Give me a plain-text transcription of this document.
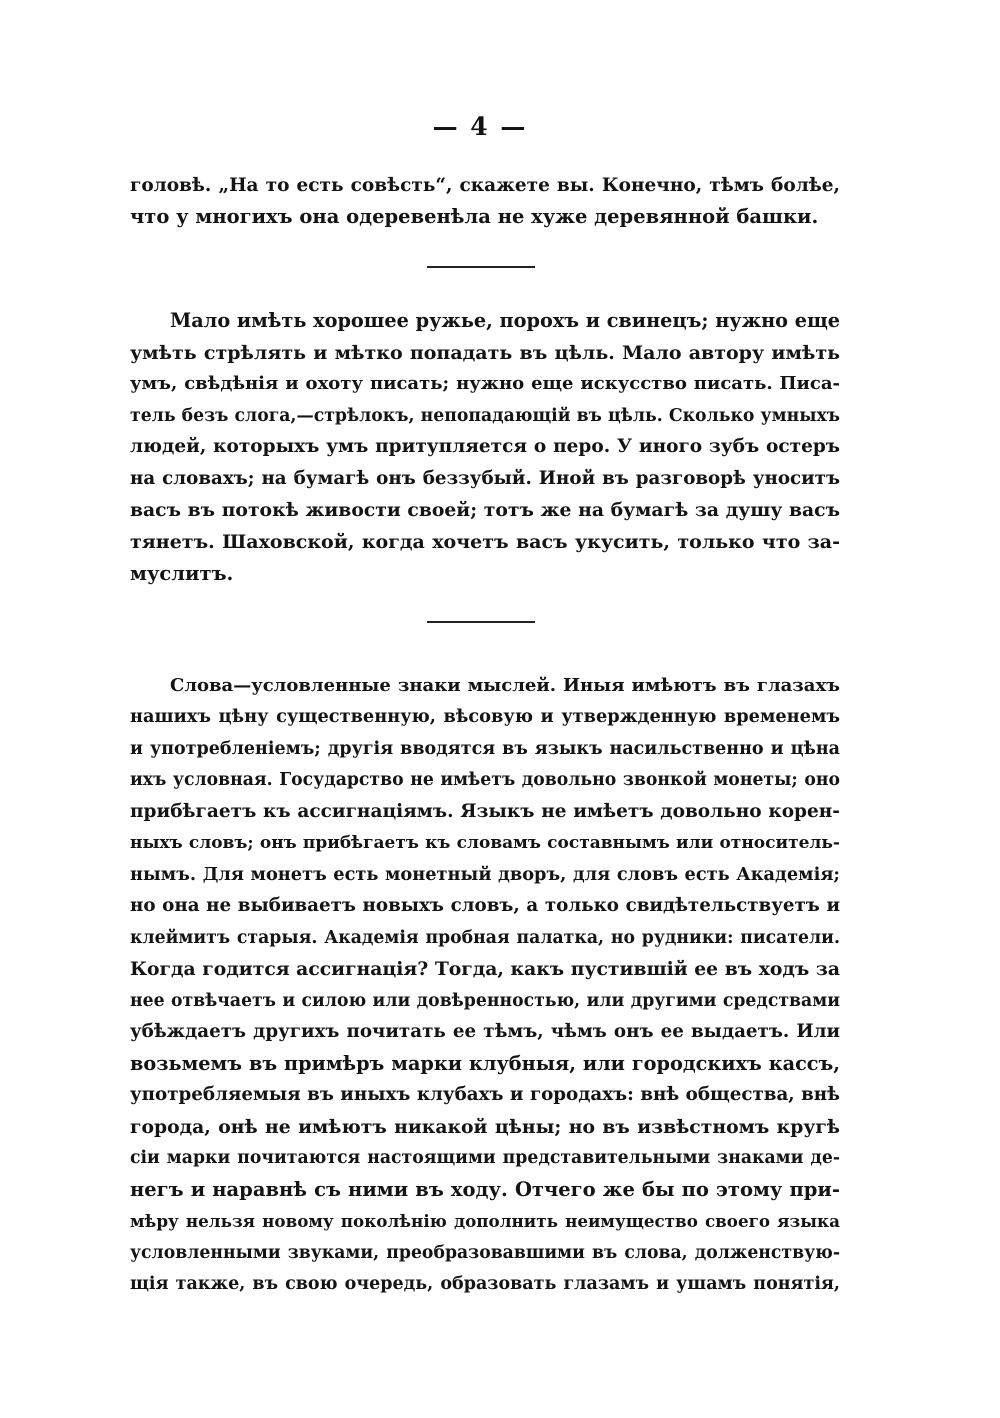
— 4 —
головѣ. „На то есть совѣсть“, скажете вы. Конечно, тѣмъ болѣе,
что у многихъ она одеревенѣла не хуже деревянной башки.
Мало имѣть хорошее ружье, порохъ и свинецъ; нужно еще
умѣть стрѣлять и мѣтко попадать въ цѣль. Мало автору имѣть
умъ, свѣдѣнія и охоту писать; нужно еще искусство писать. Писа-
тель безъ слога,—стрѣлокъ, непопадающій въ цѣль. Сколько умныхъ
людей, которыхъ умъ притупляется о перо. У иного зубъ остеръ
на словахъ; на бумагѣ онъ беззубый. Иной въ разговорѣ уноситъ
васъ въ потокѣ живости своей; тотъ же на бумагѣ за душу васъ
тянетъ. Шаховской, когда хочетъ васъ укусить, только что за-
муслитъ.
Слова—условленные знаки мыслей. Иныя имѣютъ въ глазахъ
нашихъ цѣну существенную, вѣсовую и утвержденную временемъ
и употребленіемъ; другія вводятся въ языкъ насильственно и цѣна
ихъ условная. Государство не имѣетъ довольно звонкой монеты; оно
прибѣгаетъ къ ассигнаціямъ. Языкъ не имѣетъ довольно корен-
ныхъ словъ; онъ прибѣгаетъ къ словамъ составнымъ или относитель-
нымъ. Для монетъ есть монетный дворъ, для словъ есть Академія;
но она не выбиваетъ новыхъ словъ, а только свидѣтельствуетъ и
клеймитъ старыя. Академія пробная палатка, но рудники: писатели.
Когда годится ассигнація? Тогда, какъ пустившій ее въ ходъ за
нее отвѣчаетъ и силою или довѣренностью, или другими средствами
убѣждаетъ другихъ почитать ее тѣмъ, чѣмъ онъ ее выдаетъ. Или
возьмемъ въ примѣръ марки клубныя, или городскихъ кассъ,
употребляемыя въ иныхъ клубахъ и городахъ: внѣ общества, внѣ
города, онѣ не имѣютъ никакой цѣны; но въ извѣстномъ кругѣ
сіи марки почитаются настоящими представительными знаками де-
негъ и наравнѣ съ ними въ ходу. Отчего же бы по этому при-
мѣру нельзя новому поколѣнію дополнить неимущество своего языка
условленными звуками, преобразовавшими въ слова, долженствую-
щія также, въ свою очередь, образовать глазамъ и ушамъ понятія,
